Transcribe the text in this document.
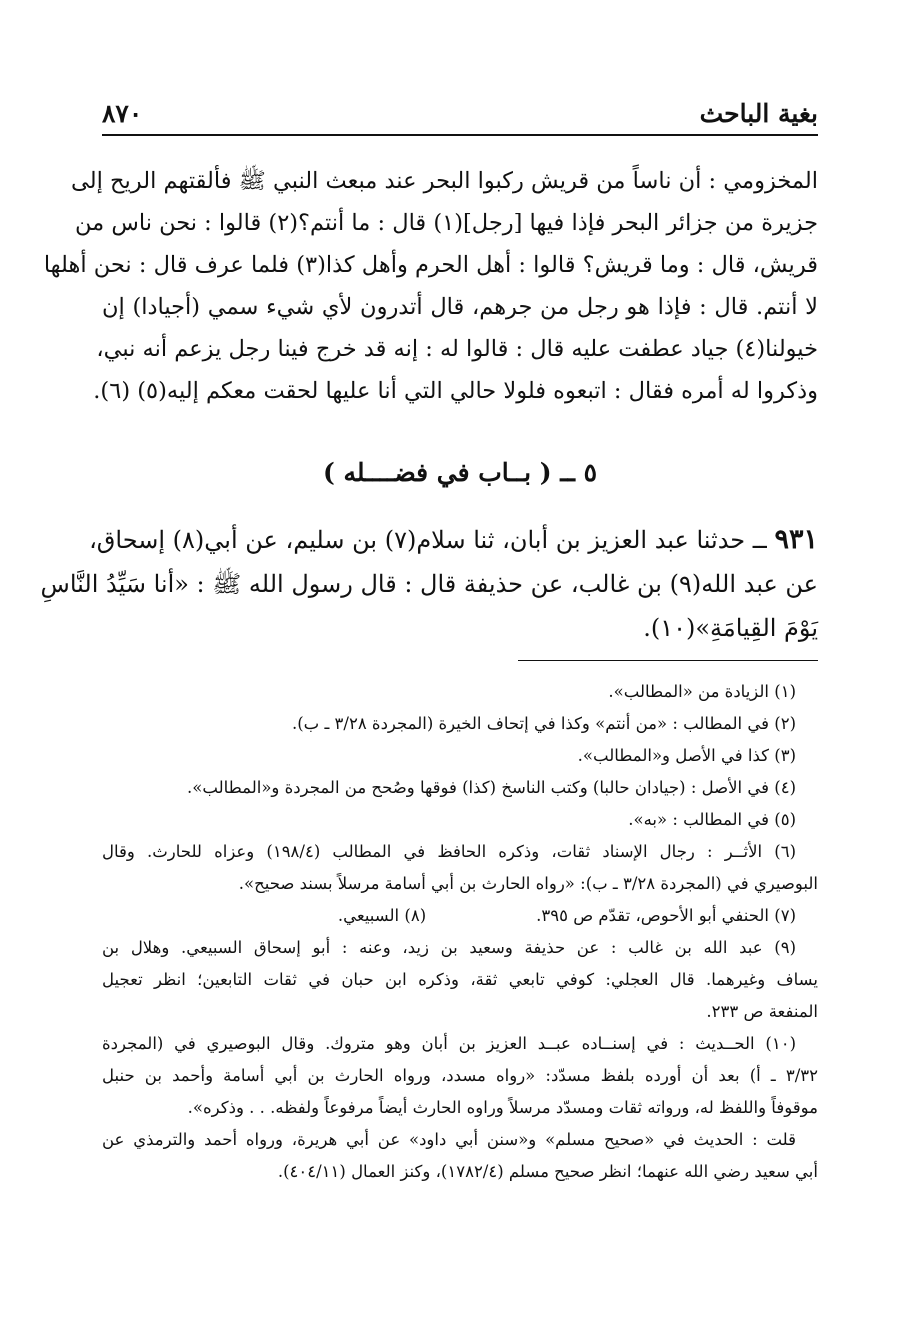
بغية الباحث
٨٧٠
المخزومي : أن ناساً من قريش ركبوا البحر عند مبعث النبي ﷺ فألقتهم الريح إلى
جزيرة من جزائر البحر فإذا فيها [رجل](١) قال : ما أنتم؟(٢) قالوا : نحن ناس من
قريش، قال : وما قريش؟ قالوا : أهل الحرم وأهل كذا(٣) فلما عرف قال : نحن أهلها
لا أنتم. قال : فإذا هو رجل من جرهم، قال أتدرون لأي شيء سمي (أجيادا) إن
خيولنا(٤) جياد عطفت عليه قال : قالوا له : إنه قد خرج فينا رجل يزعم أنه نبي،
وذكروا له أمره فقال : اتبعوه فلولا حالي التي أنا عليها لحقت معكم إليه(٥) (٦).
٥ ــ ( بــاب في فضــــله )
٩٣١ ــ حدثنا عبد العزيز بن أبان، ثنا سلام(٧) بن سليم، عن أبي(٨) إسحاق،
عن عبد الله(٩) بن غالب، عن حذيفة قال : قال رسول الله ﷺ : «أنا سَيِّدُ النَّاسِ
يَوْمَ القِيامَةِ»(١٠).
(١) الزيادة من «المطالب».
(٢) في المطالب : «من أنتم» وكذا في إتحاف الخيرة (المجردة ٣/٢٨ ـ ب).
(٣) كذا في الأصل و«المطالب».
(٤) في الأصل : (جيادان حالبا) وكتب الناسخ (كذا) فوقها وصُحح من المجردة و«المطالب».
(٥) في المطالب : «به».
(٦) الأثــر : رجال الإسناد ثقات، وذكره الحافظ في المطالب (١٩٨/٤) وعزاه للحارث. وقال
البوصيري في (المجردة ٣/٢٨ ـ ب): «رواه الحارث بن أبي أسامة مرسلاً بسند صحيح».
(٧) الحنفي أبو الأحوص، تقدّم ص ٣٩٥.
(٨) السبيعي.
(٩) عبد الله بن غالب : عن حذيفة وسعيد بن زيد، وعنه : أبو إسحاق السبيعي. وهلال بن
يساف وغيرهما. قال العجلي: كوفي تابعي ثقة، وذكره ابن حبان في ثقات التابعين؛ انظر تعجيل
المنفعة ص ٢٣٣.
(١٠) الحــديث : في إسنــاده عبــد العزيز بن أبان وهو متروك. وقال البوصيري في (المجردة
٣/٣٢ ـ أ) بعد أن أورده بلفظ مسدّد: «رواه مسدد، ورواه الحارث بن أبي أسامة وأحمد بن حنبل
موقوفاً واللفظ له، ورواته ثقات ومسدّد مرسلاً وراوه الحارث أيضاً مرفوعاً ولفظه. . . وذكره».
قلت : الحديث في «صحيح مسلم» و«سنن أبي داود» عن أبي هريرة، ورواه أحمد والترمذي عن
أبي سعيد رضي الله عنهما؛ انظر صحيح مسلم (١٧٨٢/٤)، وكنز العمال (٤٠٤/١١).
